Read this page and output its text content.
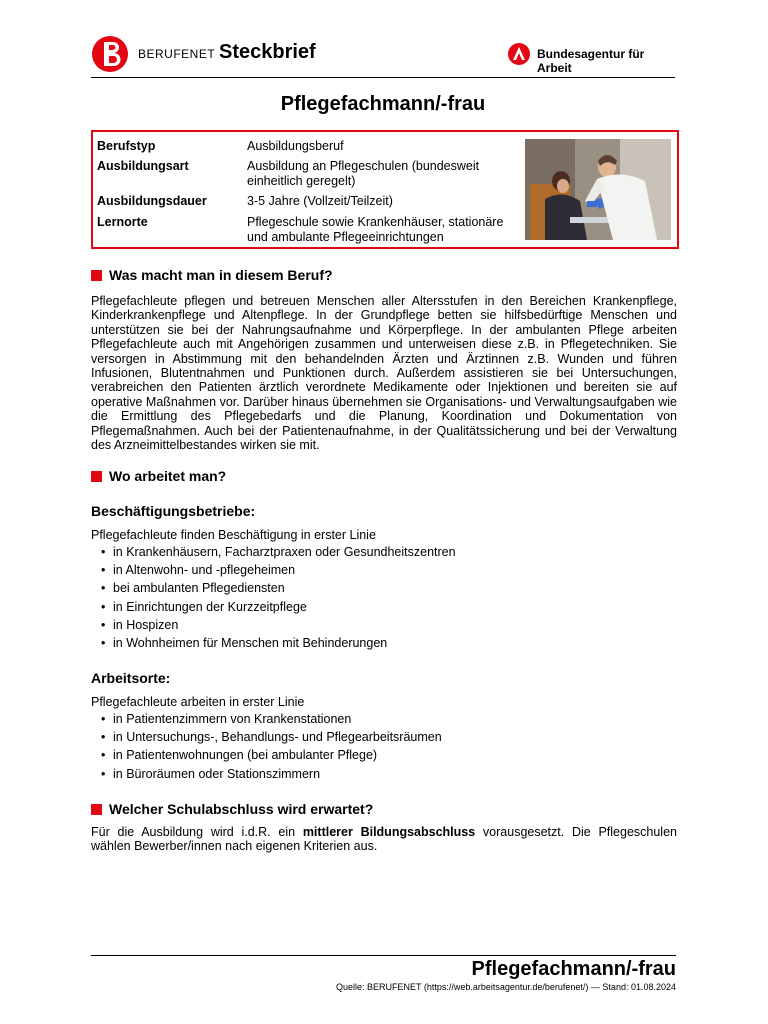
BERUFENET Steckbrief	Bundesagentur für Arbeit
Pflegefachmann/-frau
Berufstyp	Ausbildungsberuf
Ausbildungsart	Ausbildung an Pflegeschulen (bundesweit einheitlich geregelt)
Ausbildungsdauer	3-5 Jahre (Vollzeit/Teilzeit)
Lernorte	Pflegeschule sowie Krankenhäuser, stationäre und ambulante Pflegeeinrichtungen
Was macht man in diesem Beruf?
Pflegefachleute pflegen und betreuen Menschen aller Altersstufen in den Bereichen Krankenpflege, Kinderkrankenpflege und Altenpflege. In der Grundpflege betten sie hilfsbedürftige Menschen und unterstützen sie bei der Nahrungsaufnahme und Körperpflege. In der ambulanten Pflege arbeiten Pflegefachleute auch mit Angehörigen zusammen und unterweisen diese z.B. in Pflegetechniken. Sie versorgen in Abstimmung mit den behandelnden Ärzten und Ärztinnen z.B. Wunden und führen Infusionen, Blutentnahmen und Punktionen durch. Außerdem assistieren sie bei Untersuchungen, verabreichen den Patienten ärztlich verordnete Medikamente oder Injektionen und bereiten sie auf operative Maßnahmen vor. Darüber hinaus übernehmen sie Organisations- und Verwaltungsaufgaben wie die Ermittlung des Pflegebedarfs und die Planung, Koordination und Dokumentation von Pflegemaßnahmen. Auch bei der Patientenaufnahme, in der Qualitätssicherung und bei der Verwaltung des Arzneimittelbestandes wirken sie mit.
Wo arbeitet man?
Beschäftigungsbetriebe:
Pflegefachleute finden Beschäftigung in erster Linie
• in Krankenhäusern, Facharztpraxen oder Gesundheitszentren
• in Altenwohn- und -pflegeheimen
• bei ambulanten Pflegediensten
• in Einrichtungen der Kurzzeitpflege
• in Hospizen
• in Wohnheimen für Menschen mit Behinderungen
Arbeitsorte:
Pflegefachleute arbeiten in erster Linie
• in Patientenzimmern von Krankenstationen
• in Untersuchungs-, Behandlungs- und Pflegearbeitsräumen
• in Patientenwohnungen (bei ambulanter Pflege)
• in Büroräumen oder Stationszimmern
Welcher Schulabschluss wird erwartet?
Für die Ausbildung wird i.d.R. ein mittlerer Bildungsabschluss vorausgesetzt. Die Pflegeschulen wählen Bewerber/innen nach eigenen Kriterien aus.
Pflegefachmann/-frau
Quelle: BERUFENET (https://web.arbeitsagentur.de/berufenet/) — Stand: 01.08.2024
